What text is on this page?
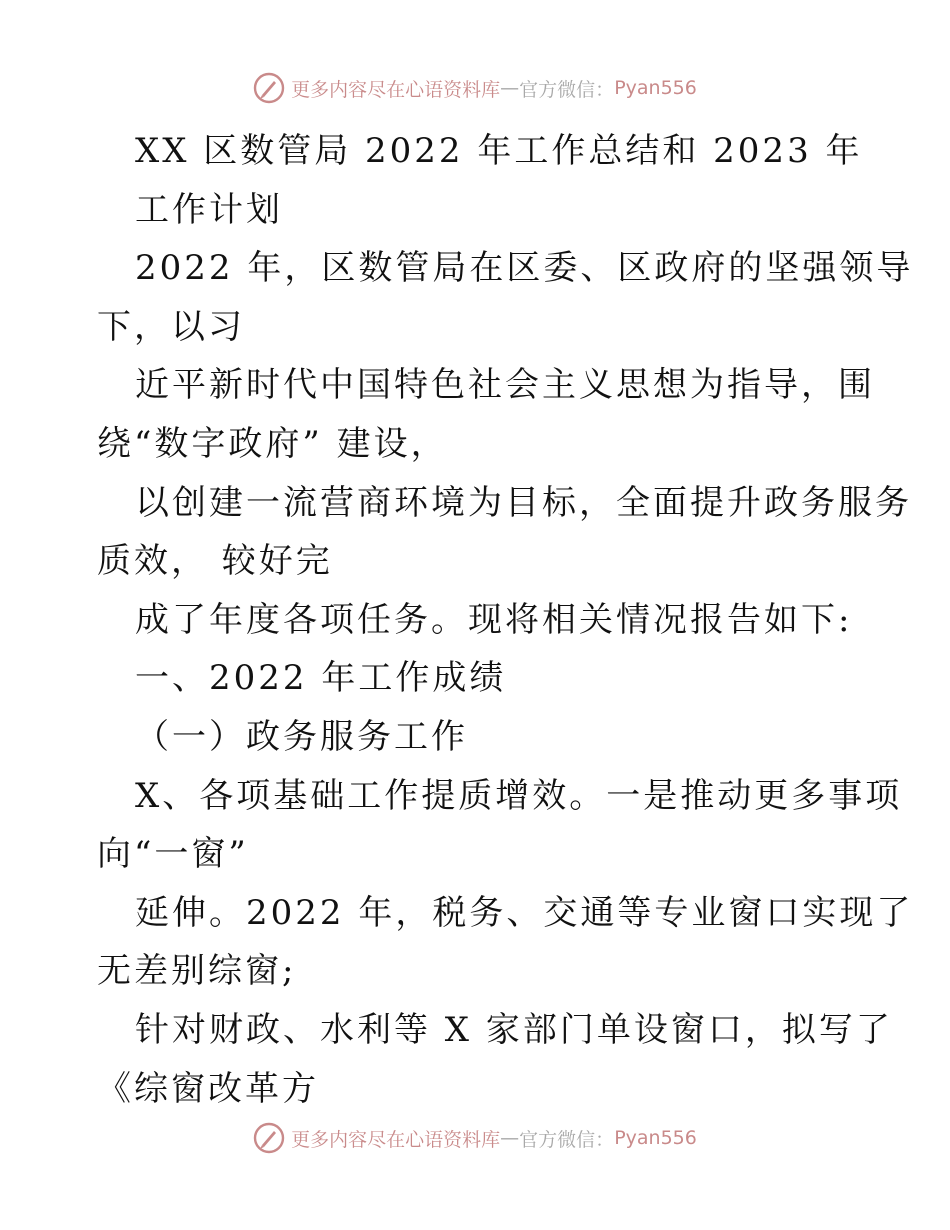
更多内容尽在心语资料库 — 官方微信： Pyan556
XX 区数管局 2022 年工作总结和 2023 年
工作计划
2022 年，区数管局在区委、区政府的坚强领导
下，以习
近平新时代中国特色社会主义思想为指导，围
绕“数字政府” 建设，
以创建一流营商环境为目标，全面提升政务服务
质效， 较好完
成了年度各项任务。现将相关情况报告如下:
一、2022 年工作成绩
（一）政务服务工作
X、各项基础工作提质增效。一是推动更多事项
向“一窗”
延伸。2022 年，税务、交通等专业窗口实现了
无差别综窗;
针对财政、水利等 X 家部门单设窗口，拟写了
《综窗改革方
更多内容尽在心语资料库 — 官方微信： Pyan556
